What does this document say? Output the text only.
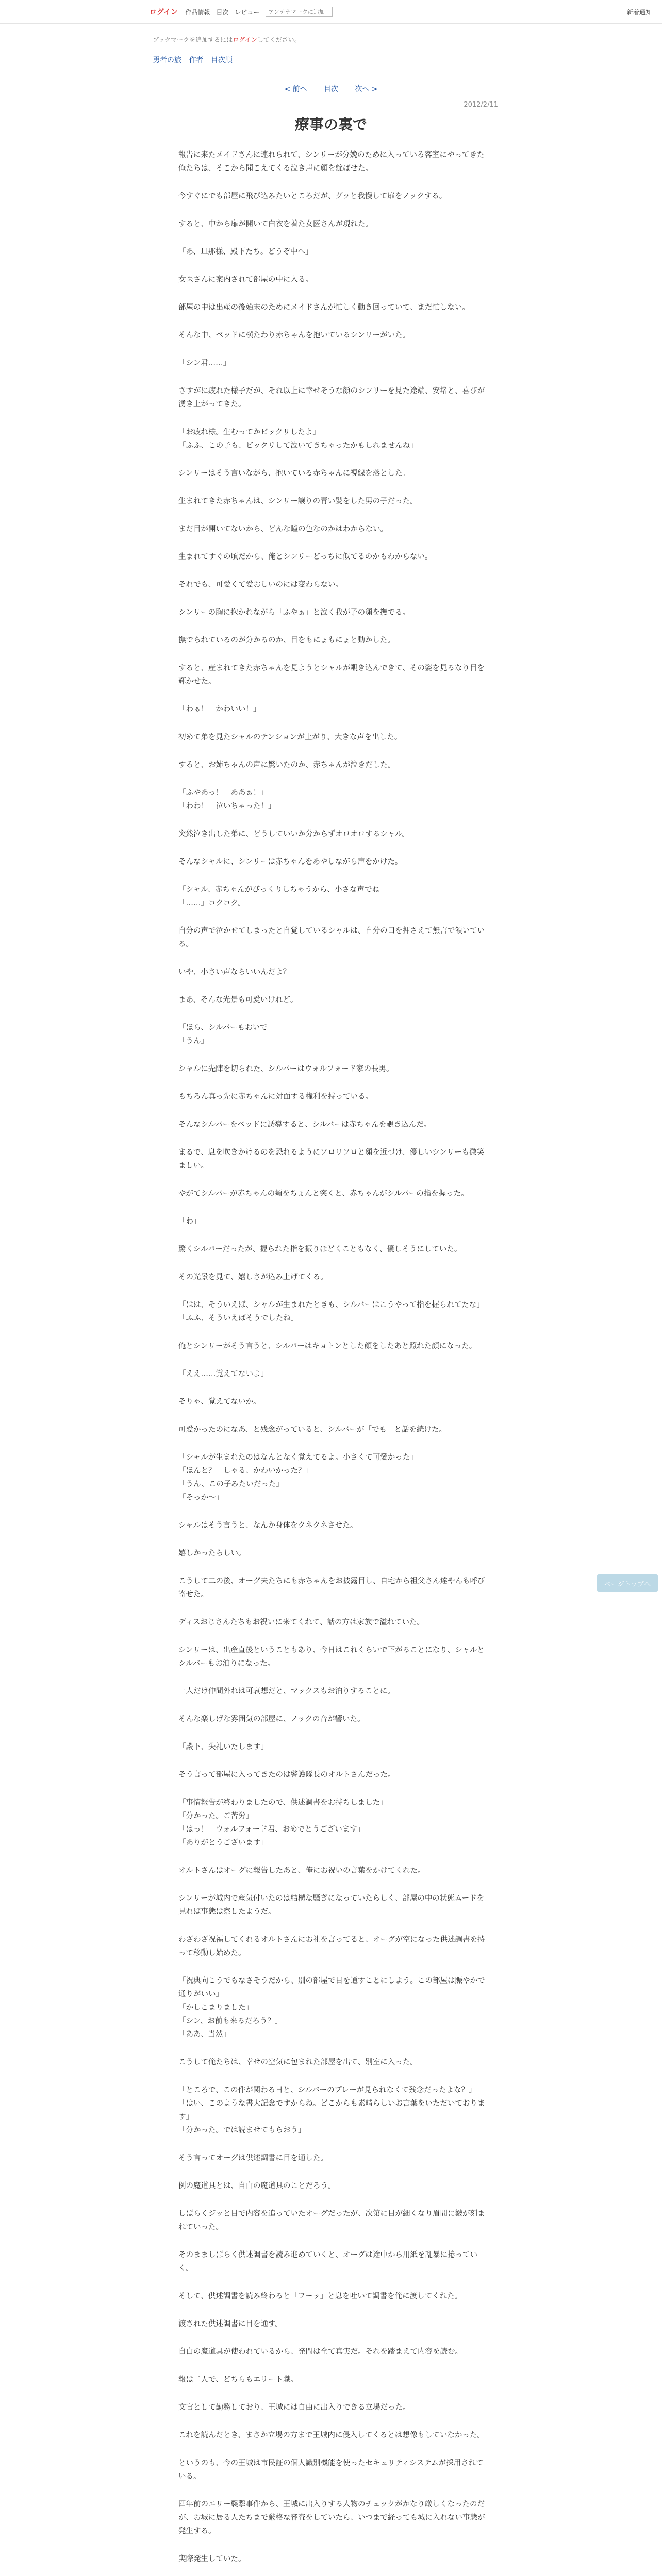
ログイン 作品情報 目次 レビュー
アンテナマークに追加	新着通知
ブックマークを追加するにはログインしてください。
勇者の旅 作者 目次順
< 前へ 目次 次へ >
2012/2/11
療事の裏で

報告に来たメイドさんに連れられて、シンリーが分娩のために入っている客室にやってきた俺たちは、そこから聞こえてくる泣き声に顔を綻ばせた。

今すぐにでも部屋に飛び込みたいところだが、グッと我慢して扉をノックする。

すると、中から扉が開いて白衣を着た女医さんが現れた。

「あ、旦那様、殿下たち。どうぞ中へ」

女医さんに案内されて部屋の中に入る。

部屋の中は出産の後始末のためにメイドさんが忙しく動き回っていて、まだ忙しない。

そんな中、ベッドに横たわり赤ちゃんを抱いているシンリーがいた。

「シン君……」

さすがに疲れた様子だが、それ以上に幸せそうな顔のシンリーを見た途端、安堵と、喜びが湧き上がってきた。

「お疲れ様。生むってかビックリしたよ」
「ふふ、この子も、ビックリして泣いてきちゃったかもしれませんね」

シンリーはそう言いながら、抱いている赤ちゃんに視線を落とした。

生まれてきた赤ちゃんは、シンリー譲りの青い髪をした男の子だった。

まだ目が開いてないから、どんな瞳の色なのかはわからない。

生まれてすぐの頃だから、俺とシンリーどっちに似てるのかもわからない。

それでも、可愛くて愛おしいのには変わらない。

シンリーの胸に抱かれながら「ふやぁ」と泣く我が子の顔を撫でる。

撫でられているのが分かるのか、目をもにょもにょと動かした。

すると、産まれてきた赤ちゃんを見ようとシャルが覗き込んできて、その姿を見るなり目を輝かせた。

「わぁ！　かわいい！」

初めて弟を見たシャルのテンションが上がり、大きな声を出した。

すると、お姉ちゃんの声に驚いたのか、赤ちゃんが泣きだした。

「ふやあっ！　ああぁ！」
「わわ！　泣いちゃった！」

突然泣き出した弟に、どうしていいか分からずオロオロするシャル。

そんなシャルに、シンリーは赤ちゃんをあやしながら声をかけた。

「シャル、赤ちゃんがびっくりしちゃうから、小さな声でね」
「……」コクコク。

自分の声で泣かせてしまったと自覚しているシャルは、自分の口を押さえて無言で頷いている。

いや、小さい声ならいいんだよ？

まあ、そんな光景も可愛いけれど。

「ほら、シルバーもおいで」
「うん」

シャルに先陣を切られた、シルバーはウォルフォード家の長男。

もちろん真っ先に赤ちゃんに対面する権利を持っている。

そんなシルバーをベッドに誘導すると、シルバーは赤ちゃんを覗き込んだ。

まるで、息を吹きかけるのを恐れるようにソロリソロと顔を近づけ、優しいシンリーも微笑ましい。

やがてシルバーが赤ちゃんの頬をちょんと突くと、赤ちゃんがシルバーの指を握った。

「わ」

驚くシルバーだったが、握られた指を振りほどくこともなく、優しそうにしていた。

その光景を見て、嬉しさが込み上げてくる。

「はは、そういえば、シャルが生まれたときも、シルバーはこうやって指を握られてたな」
「ふふ、そういえばそうでしたね」

俺とシンリーがそう言うと、シルバーはキョトンとした顔をしたあと照れた顔になった。

「ええ……覚えてないよ」

そりゃ、覚えてないか。

可愛かったのになあ、と残念がっていると、シルバーが「でも」と話を続けた。

「シャルが生まれたのはなんとなく覚えてるよ。小さくて可愛かった」
「ほんと？　しゃる、かわいかった？」
「うん、この子みたいだった」
「そっか～」

シャルはそう言うと、なんか身体をクネクネさせた。

嬉しかったらしい。

こうして二の後、オーグ夫たちにも赤ちゃんをお披露目し、自宅から祖父さん達やんも呼び寄せた。

ディスおじさんたちもお祝いに来てくれて、話の方は家族で溢れていた。

シンリーは、出産直後ということもあり、今日はこれくらいで下がることになり、シャルとシルバーもお泊りになった。

一人だけ仲間外れは可哀想だと、マックスもお泊りすることに。

そんな楽しげな雰囲気の部屋に、ノックの音が響いた。

「殿下、失礼いたします」

そう言って部屋に入ってきたのは警護隊長のオルトさんだった。

「事情報告が終わりましたので、供述調書をお持ちしました」
「分かった。ご苦労」
「はっ！　ウォルフォード君、おめでとうございます」
「ありがとうございます」

オルトさんはオーグに報告したあと、俺にお祝いの言葉をかけてくれた。

シンリーが城内で産気付いたのは結構な騒ぎになっていたらしく、部屋の中の状態ムードを見れば事態は察したようだ。

わざわざ祝福してくれるオルトさんにお礼を言ってると、オーグが空になった供述調書を持って移動し始めた。

「祝典向こうでもなさそうだから、別の部屋で目を通すことにしよう。この部屋は賑やかで通りがいい」
「かしこまりました」
「シン、お前も来るだろう？」
「ああ、当然」

こうして俺たちは、幸せの空気に包まれた部屋を出て、別室に入った。

「ところで、この件が関わる日と、シルバーのプレーが見られなくて残念だったよな？」
「はい、このような書大記念ですからね。どこからも素晴らしいお言葉をいただいております」
「分かった。では読ませてもらおう」

そう言ってオーグは供述調書に目を通した。

例の魔道具とは、自白の魔道具のことだろう。

しばらくジッと目で内容を追っていたオーグだったが、次第に目が細くなり眉間に皺が刻まれていった。

そのまましばらく供述調書を読み進めていくと、オーグは途中から用紙を乱暴に捲っていく。

そして、供述調書を読み終わると「フーッ」と息を吐いて調書を俺に渡してくれた。

渡された供述調書に目を通す。

自白の魔道具が使われているから、発問は全て真実だ。それを踏まえて内容を読む。

報は二人で、どちらもエリート職。

文官として勤務しており、王城には自由に出入りできる立場だった。

これを読んだとき、まさか立場の方まで王城内に侵入してくるとは想像もしていなかった。

というのも、今の王城は市民証の個人識別機能を使ったセキュリティシステムが採用されている。

四年前のエリー襲撃事件から、王城に出入りする人物のチェックがかなり厳しくなったのだが、お城に居る人たちまで厳格な審査をしていたら、いつまで経っても城に入れない事態が発生する。

実際発生していた。

ページトップへ
